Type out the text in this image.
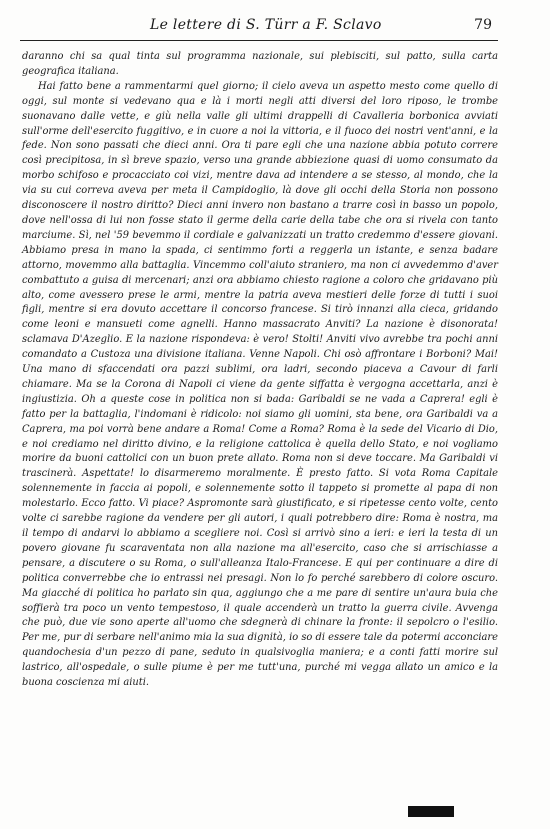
Le lettere di S. Türr a F. Sclavo	79

daranno chi sa qual tinta sul programma nazionale, sui plebisciti, sul patto, sulla carta geografica italiana.

Hai fatto bene a rammentarmi quel giorno; il cielo aveva un aspetto mesto come quello di oggi, sul monte si vedevano qua e là i morti negli atti diversi del loro riposo, le trombe suonavano dalle vette, e giù nella valle gli ultimi drappelli di Cavalleria borbonica avviati sull'orme dell'esercito fuggitivo, e in cuore a noi la vittoria, e il fuoco dei nostri vent'anni, e la fede. Non sono passati che dieci anni. Ora ti pare egli che una nazione abbia potuto correre così precipitosa, in sì breve spazio, verso una grande abbiezione quasi di uomo consumato da morbo schifoso e procacciato coi vizi, mentre dava ad intendere a se stesso, al mondo, che la via su cui correva aveva per meta il Campidoglio, là dove gli occhi della Storia non possono disconoscere il nostro diritto? Dieci anni invero non bastano a trarre così in basso un popolo, dove nell'ossa di lui non fosse stato il germe della carie della tabe che ora si rivela con tanto marciume. Sì, nel '59 bevemmo il cordiale e galvanizzati un tratto credemmo d'essere giovani. Abbiamo presa in mano la spada, ci sentimmo forti a reggerla un istante, e senza badare attorno, movemmo alla battaglia. Vincemmo coll'aiuto straniero, ma non ci avvedemmo d'aver combattuto a guisa di mercenari; anzi ora abbiamo chiesto ragione a coloro che gridavano più alto, come avessero prese le armi, mentre la patria aveva mestieri delle forze di tutti i suoi figli, mentre si era dovuto accettare il concorso francese. Si tirò innanzi alla cieca, gridando come leoni e mansueti come agnelli. Hanno massacrato Anviti? La nazione è disonorata! sclamava D'Azeglio. E la nazione rispondeva: è vero! Stolti! Anviti vivo avrebbe tra pochi anni comandato a Custoza una divisione italiana. Venne Napoli. Chi osò affrontare i Borboni? Mai! Una mano di sfaccendati ora pazzi sublimi, ora ladri, secondo piaceva a Cavour di farli chiamare. Ma se la Corona di Napoli ci viene da gente siffatta è vergogna accettarla, anzi è ingiustizia. Oh a queste cose in politica non si bada: Garibaldi se ne vada a Caprera! egli è fatto per la battaglia, l'indomani è ridicolo: noi siamo gli uomini, sta bene, ora Garibaldi va a Caprera, ma poi vorrà bene andare a Roma! Come a Roma? Roma è la sede del Vicario di Dio, e noi crediamo nel diritto divino, e la religione cattolica è quella dello Stato, e noi vogliamo morire da buoni cattolici con un buon prete allato. Roma non si deve toccare. Ma Garibaldi vi trascinerà. Aspettate! lo disarmeremo moralmente. È presto fatto. Si vota Roma Capitale solennemente in faccia ai popoli, e solennemente sotto il tappeto si promette al papa di non molestarlo. Ecco fatto. Vi piace? Aspromonte sarà giustificato, e si ripetesse cento volte, cento volte ci sarebbe ragione da vendere per gli autori, i quali potrebbero dire: Roma è nostra, ma il tempo di andarvi lo abbiamo a scegliere noi. Così si arrivò sino a ieri: e ieri la testa di un povero giovane fu scaraventata non alla nazione ma all'esercito, caso che si arrischiasse a pensare, a discutere o su Roma, o sull'alleanza Italo-Francese. E qui per continuare a dire di politica converrebbe che io entrassi nei presagi. Non lo fo perché sarebbero di colore oscuro. Ma giacché di politica ho parlato sin qua, aggiungo che a me pare di sentire un'aura buia che soffierà tra poco un vento tempestoso, il quale accenderà un tratto la guerra civile. Avvenga che può, due vie sono aperte all'uomo che sdegnerà di chinare la fronte: il sepolcro o l'esilio. Per me, pur di serbare nell'animo mia la sua dignità, io so di essere tale da potermi acconciare quandochesia d'un pezzo di pane, seduto in qualsivoglia maniera; e a conti fatti morire sul lastrico, all'ospedale, o sulle piume è per me tutt'una, purché mi vegga allato un amico e la buona coscienza mi aiuti.
